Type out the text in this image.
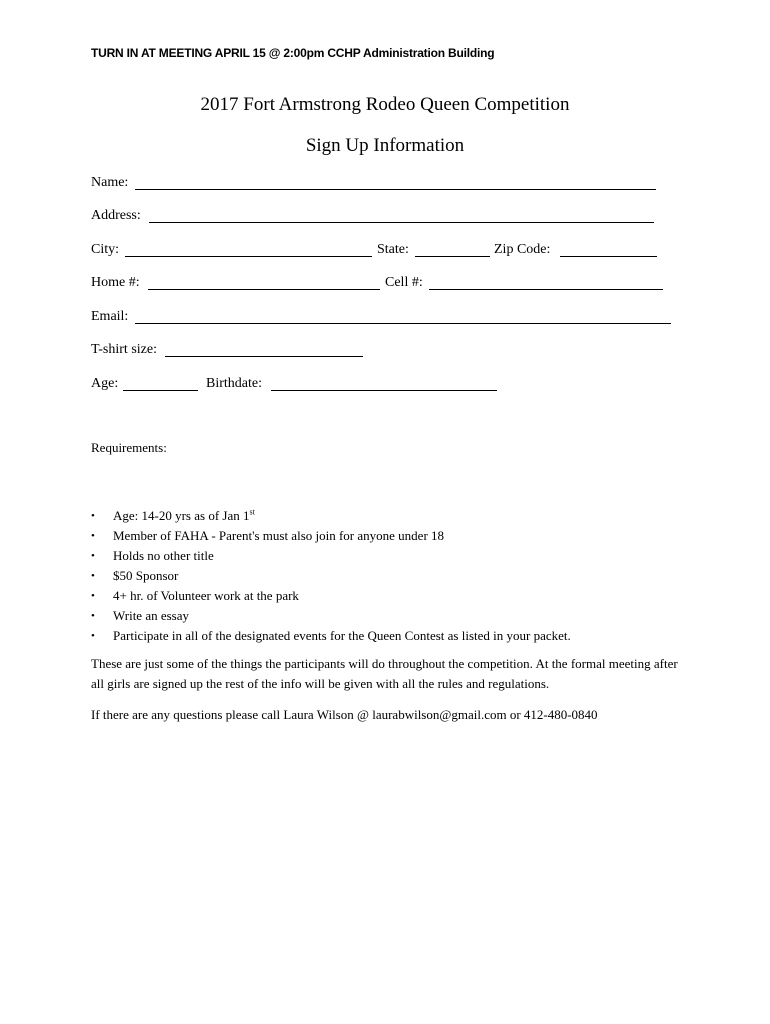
TURN IN AT MEETING APRIL 15 @ 2:00pm CCHP Administration Building
2017 Fort Armstrong Rodeo Queen Competition
Sign Up Information
Name:
Address:
City:	State:	Zip Code:
Home #:	Cell #:
Email:
T-shirt size:
Age:	Birthdate:
Requirements:
• Age: 14-20 yrs as of Jan 1st
• Member of FAHA - Parent's must also join for anyone under 18
• Holds no other title
• $50 Sponsor
• 4+ hr. of Volunteer work at the park
• Write an essay
• Participate in all of the designated events for the Queen Contest as listed in your packet.

These are just some of the things the participants will do throughout the competition. At the formal meeting after all girls are signed up the rest of the info will be given with all the rules and regulations.

If there are any questions please call Laura Wilson @ laurabwilson@gmail.com or 412-480-0840
